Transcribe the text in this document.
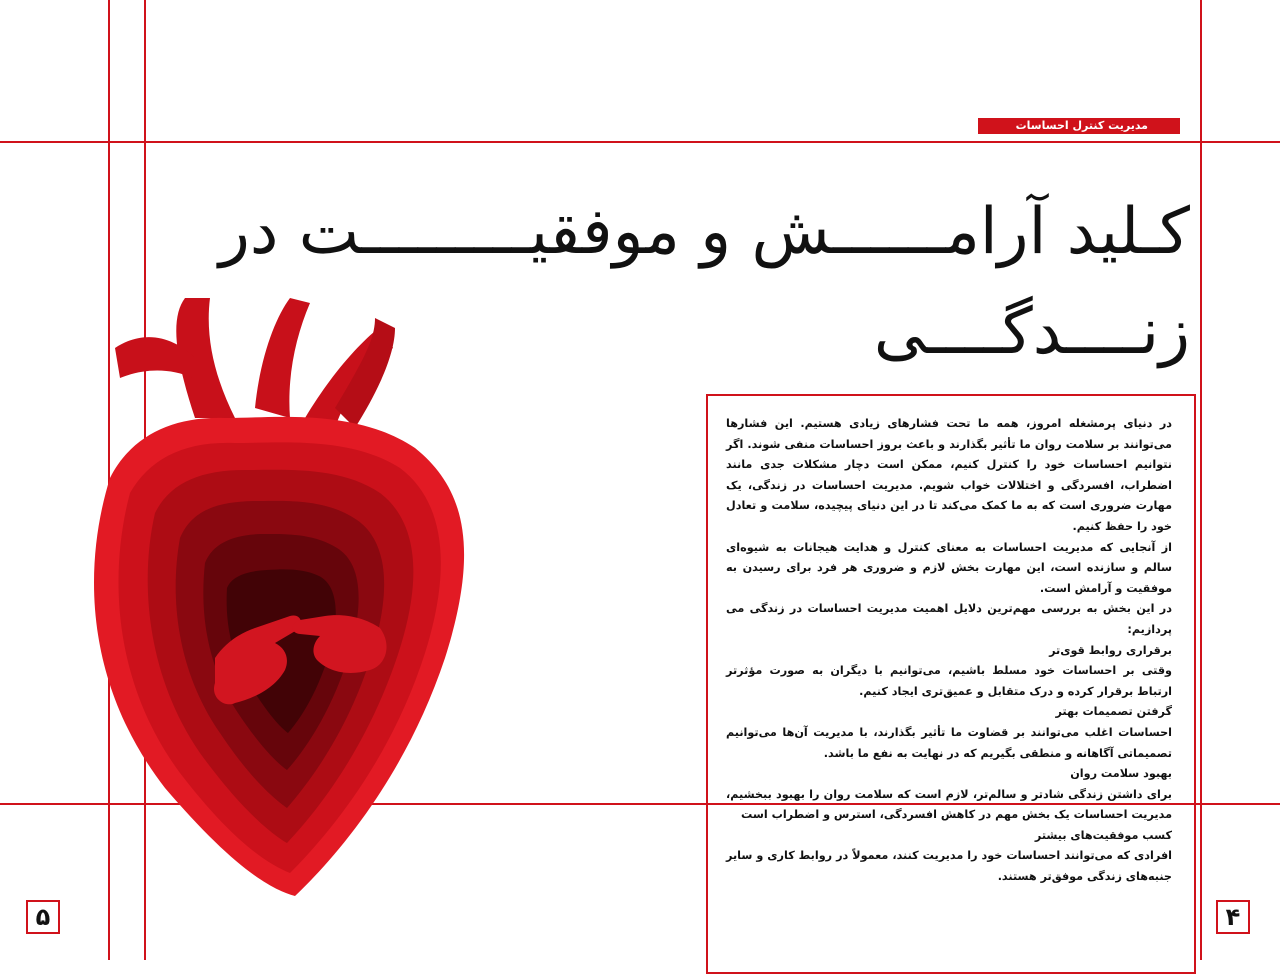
مدیریت کنترل احساسات
کـلید آرامــــــش و موفقیـــــــــت در
زنــــدگــــی

در دنیای پرمشغله امروز، همه ما تحت فشارهای زیادی هستیم. این فشارها می‌توانند بر سلامت روان ما تأثیر بگذارند و باعث بروز احساسات منفی شوند. اگر نتوانیم احساسات خود را کنترل کنیم، ممکن است دچار مشکلات جدی مانند اضطراب، افسردگی و اختلالات خواب شویم. مدیریت احساسات در زندگی، یک مهارت ضروری است که به ما کمک می‌کند تا در این دنیای پیچیده، سلامت و تعادل خود را حفظ کنیم.

از آنجایی که مدیریت احساسات به معنای کنترل و هدایت هیجانات به شیوه‌ای سالم و سازنده است، این مهارت بخش لازم و ضروری هر فرد برای رسیدن به موفقیت و آرامش است.

در این بخش به بررسی مهم‌ترین دلایل اهمیت مدیریت احساسات در زندگی می پردازیم:

برقراری روابط قوی‌تر

وقتی بر احساسات خود مسلط باشیم، می‌توانیم با دیگران به صورت مؤثرتر ارتباط برقرار کرده و درک متقابل و عمیق‌تری ایجاد کنیم.

گرفتن تصمیمات بهتر

احساسات اغلب می‌توانند بر قضاوت ما تأثیر بگذارند، با مدیریت آن‌ها می‌توانیم تصمیماتی آگاهانه و منطقی بگیریم که در نهایت به نفع ما باشد.

بهبود سلامت روان

برای داشتن زندگی شادتر و سالم‌تر، لازم است که سلامت روان را بهبود ببخشیم، مدیریت احساسات یک بخش مهم در کاهش افسردگی، استرس و اضطراب است

کسب موفقیت‌های بیشتر

افرادی که می‌توانند احساسات خود را مدیریت کنند، معمولاً در روابط کاری و سایر جنبه‌های زندگی موفق‌تر هستند.

۵	۴
